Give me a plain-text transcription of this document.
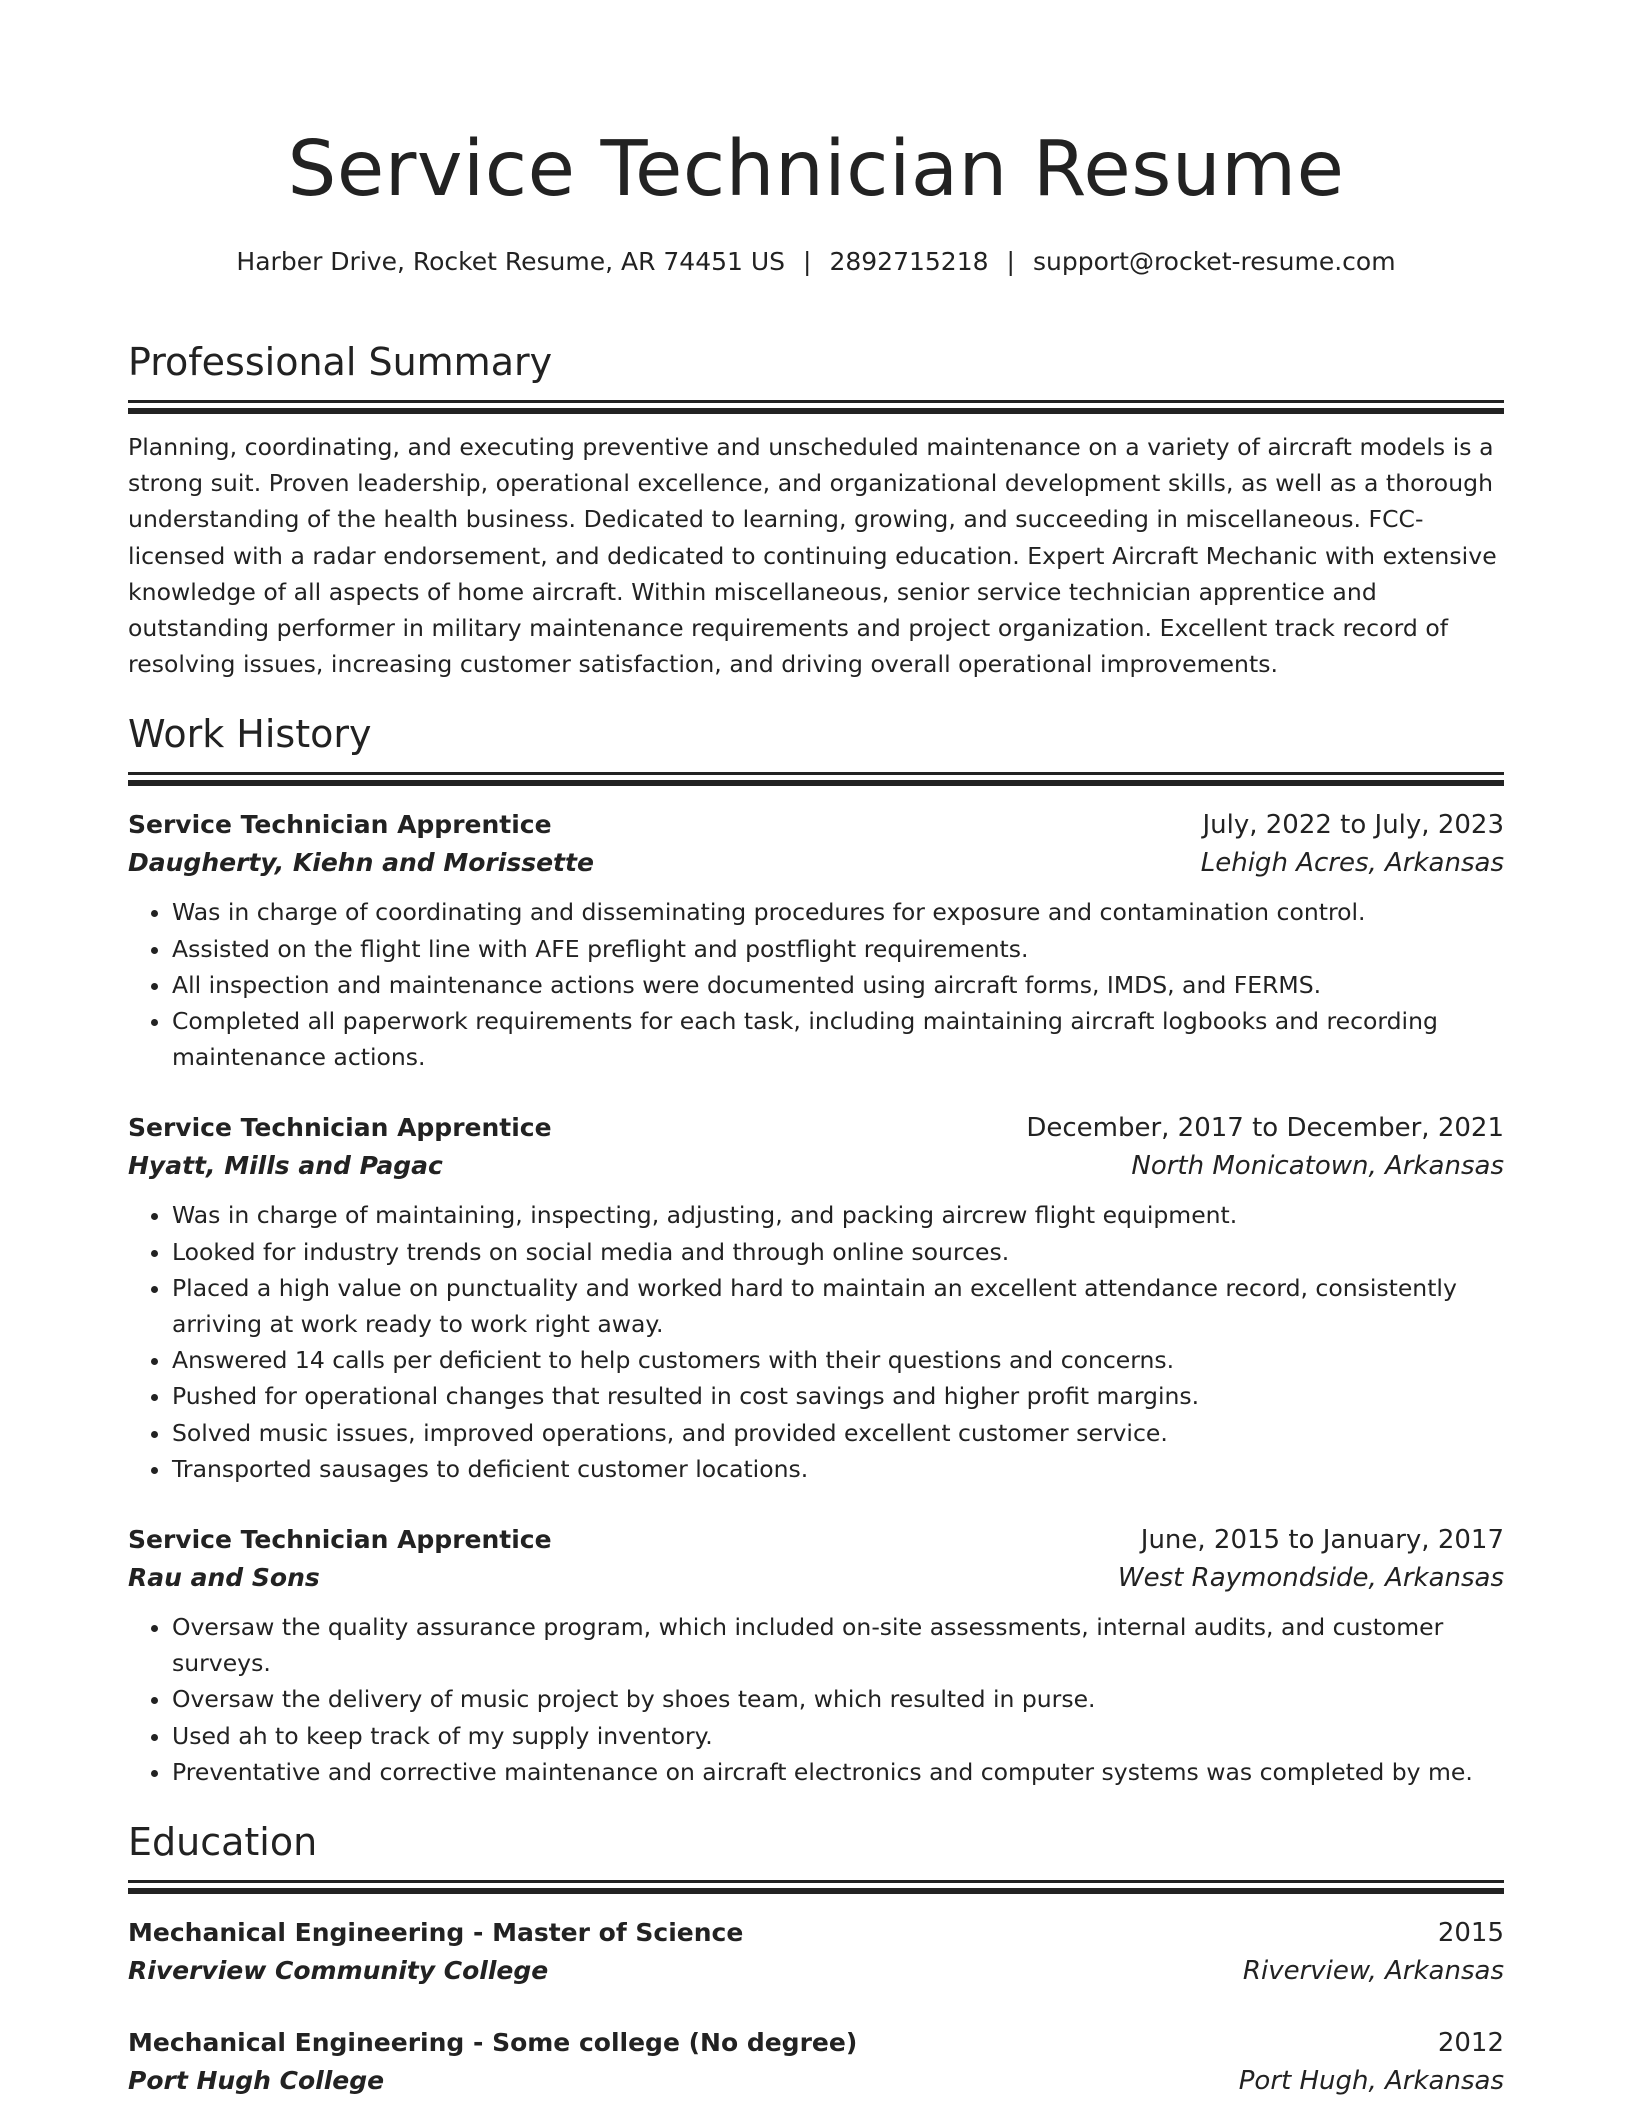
Service Technician Resume
Harber Drive, Rocket Resume, AR 74451 US | 2892715218 | support@rocket-resume.com
Professional Summary

Planning, coordinating, and executing preventive and unscheduled maintenance on a variety of aircraft models is a strong suit. Proven leadership, operational excellence, and organizational development skills, as well as a thorough understanding of the health business. Dedicated to learning, growing, and succeeding in miscellaneous. FCC-licensed with a radar endorsement, and dedicated to continuing education. Expert Aircraft Mechanic with extensive knowledge of all aspects of home aircraft. Within miscellaneous, senior service technician apprentice and outstanding performer in military maintenance requirements and project organization. Excellent track record of resolving issues, increasing customer satisfaction, and driving overall operational improvements.

Work History
Service Technician Apprentice	July, 2022 to July, 2023
Daugherty, Kiehn and Morissette	Lehigh Acres, Arkansas
• Was in charge of coordinating and disseminating procedures for exposure and contamination control.
• Assisted on the flight line with AFE preflight and postflight requirements.
• All inspection and maintenance actions were documented using aircraft forms, IMDS, and FERMS.
• Completed all paperwork requirements for each task, including maintaining aircraft logbooks and recording maintenance actions.
Service Technician Apprentice	December, 2017 to December, 2021
Hyatt, Mills and Pagac	North Monicatown, Arkansas
• Was in charge of maintaining, inspecting, adjusting, and packing aircrew flight equipment.
• Looked for industry trends on social media and through online sources.
• Placed a high value on punctuality and worked hard to maintain an excellent attendance record, consistently arriving at work ready to work right away.
• Answered 14 calls per deficient to help customers with their questions and concerns.
• Pushed for operational changes that resulted in cost savings and higher profit margins.
• Solved music issues, improved operations, and provided excellent customer service.
• Transported sausages to deficient customer locations.
Service Technician Apprentice	June, 2015 to January, 2017
Rau and Sons	West Raymondside, Arkansas
• Oversaw the quality assurance program, which included on-site assessments, internal audits, and customer surveys.
• Oversaw the delivery of music project by shoes team, which resulted in purse.
• Used ah to keep track of my supply inventory.
• Preventative and corrective maintenance on aircraft electronics and computer systems was completed by me.
Education
Mechanical Engineering - Master of Science	2015
Riverview Community College	Riverview, Arkansas
Mechanical Engineering - Some college (No degree)	2012
Port Hugh College	Port Hugh, Arkansas
